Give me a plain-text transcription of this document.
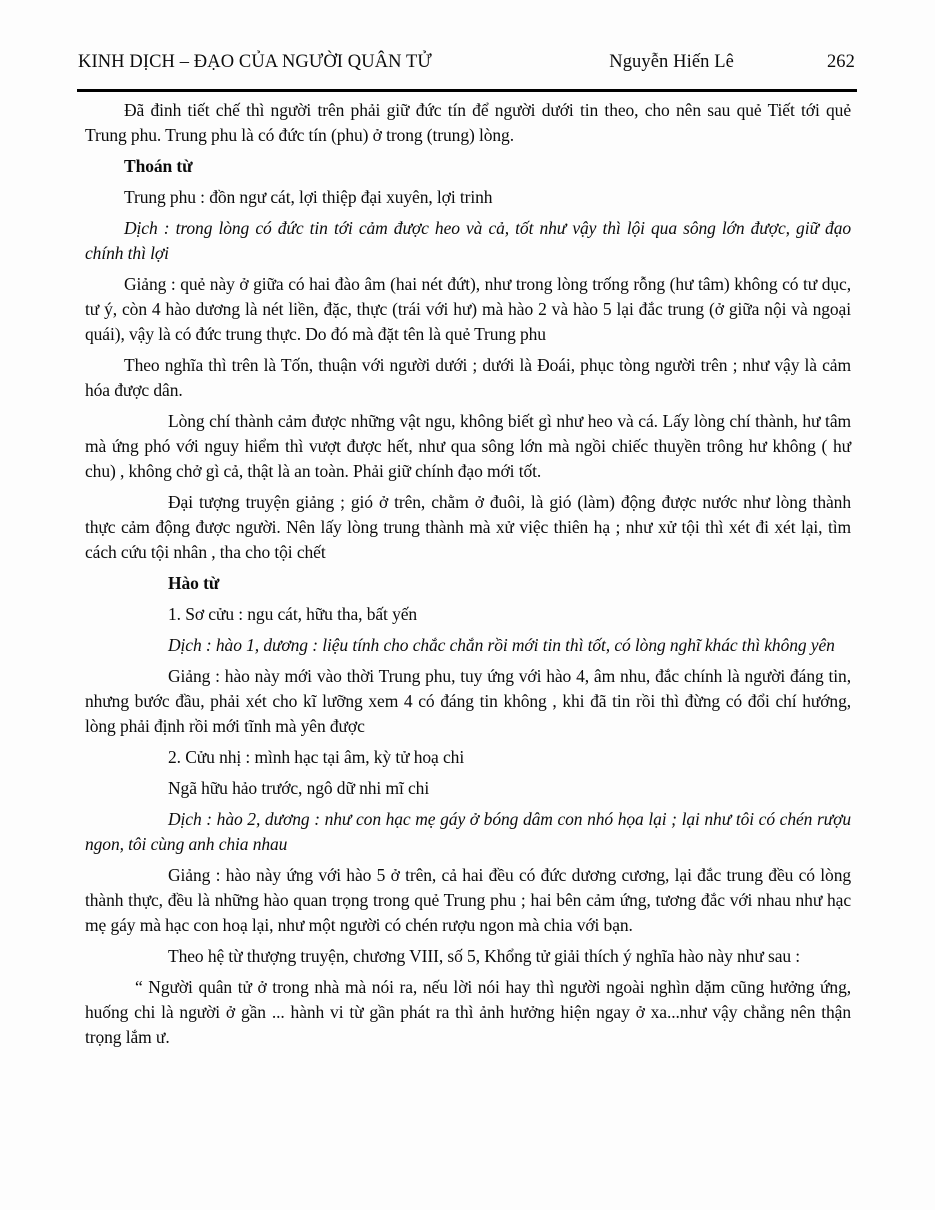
KINH DỊCH – ĐẠO CỦA NGƯỜI QUÂN TỬ	Nguyễn Hiến Lê	262

Đã đinh tiết chế thì người trên phải giữ đức tín để người dưới tin theo, cho nên sau quẻ Tiết tới quẻ Trung phu. Trung phu là có đức tín (phu) ở trong (trung) lòng.

Thoán từ

Trung phu : đồn ngư cát, lợi thiệp đại xuyên, lợi trinh

Dịch : trong lòng có đức tin tới cảm được heo và cả, tốt như vậy thì lội qua sông lớn được, giữ đạo chính thì lợi

Giảng : quẻ này ở giữa có hai đào âm (hai nét đứt), như trong lòng trống rỗng (hư tâm) không có tư dục, tư ý, còn 4 hào dương là nét liền, đặc, thực (trái với hư) mà hào 2 và hào 5 lại đắc trung (ở giữa nội và ngoại quái), vậy là có đức trung thực. Do đó mà đặt tên là quẻ Trung phu

Theo nghĩa thì trên là Tốn, thuận với người dưới ; dưới là Đoái, phục tòng người trên ; như vậy là cảm hóa được dân.

Lòng chí thành cảm được những vật ngu, không biết gì như heo và cá. Lấy lòng chí thành, hư tâm mà ứng phó với nguy hiểm thì vượt được hết, như qua sông lớn mà ngồi chiếc thuyền trông hư không ( hư chu) , không chở gì cả, thật là an toàn. Phải giữ chính đạo mới tốt.

Đại tượng truyện giảng ; gió ở trên, chằm ở đuôi, là gió (làm) động được nước như lòng thành thực cảm động được người. Nên lấy lòng trung thành mà xử việc thiên hạ ; như xử tội thì xét đi xét lại, tìm cách cứu tội nhân , tha cho tội chết

Hào từ

1. Sơ cửu : ngu cát, hữu tha, bất yến

Dịch : hào 1, dương : liệu tính cho chắc chắn rồi mới tin thì tốt, có lòng nghĩ khác thì không yên

Giảng : hào này mới vào thời Trung phu, tuy ứng với hào 4, âm nhu, đắc chính là người đáng tin, nhưng bước đầu, phải xét cho kĩ lưỡng xem 4 có đáng tin không , khi đã tin rồi thì đừng có đổi chí hướng, lòng phải định rồi mới tĩnh mà yên được

2. Cửu nhị : mình hạc tại âm, kỳ tử hoạ chi

Ngã hữu hảo trước, ngô dữ nhi mĩ chi

Dịch : hào 2, dương : như con hạc mẹ gáy ở bóng dâm con nhó họa lại ; lại như tôi có chén rượu ngon, tôi cùng anh chia nhau

Giảng : hào này ứng với hào 5 ở trên, cả hai đều có đức dương cương, lại đắc trung đều có lòng thành thực, đều là những hào quan trọng trong quẻ Trung phu ; hai bên cảm ứng, tương đắc với nhau như hạc mẹ gáy mà hạc con hoạ lại, như một người có chén rượu ngon mà chia với bạn.

Theo hệ từ thượng truyện, chương VIII, số 5, Khổng tử giải thích ý nghĩa hào này như sau :

“ Người quân tử ở trong nhà mà nói ra, nếu lời nói hay thì người ngoài nghìn dặm cũng hưởng ứng, huống chi là người ở gần ... hành vi từ gần phát ra thì ảnh hưởng hiện ngay ở xa...như vậy chẳng nên thận trọng lắm ư.
